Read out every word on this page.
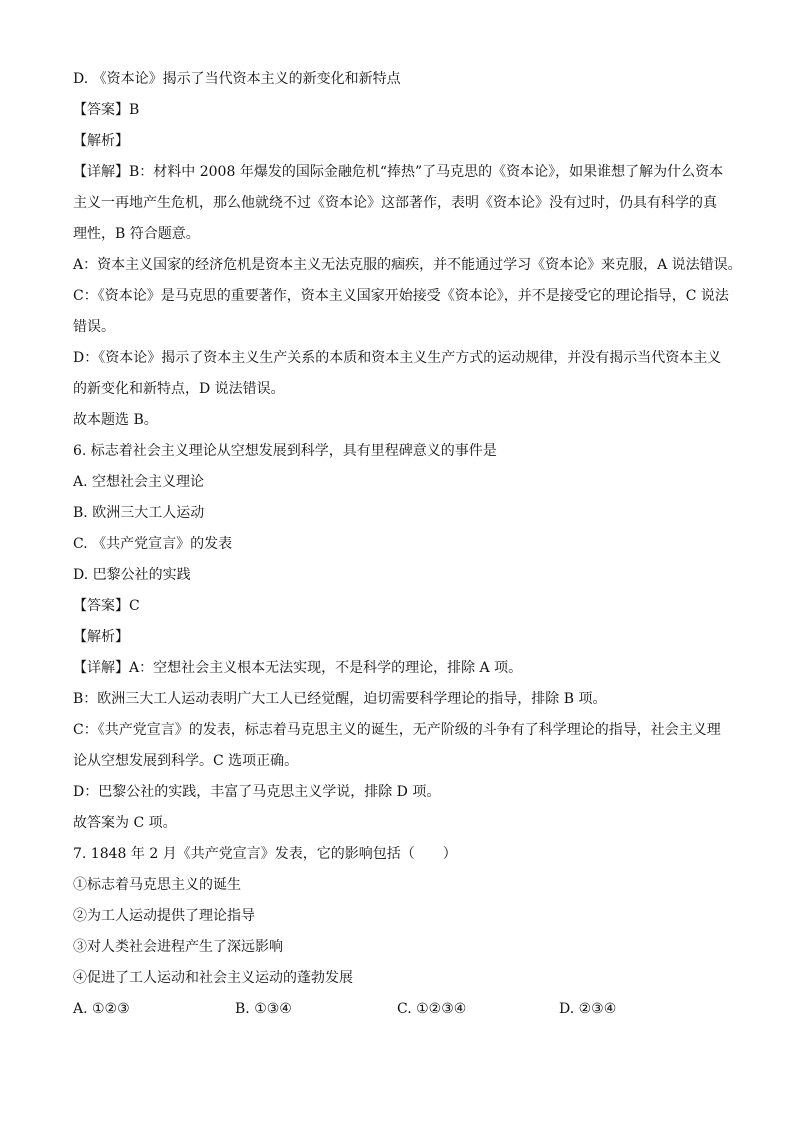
D. 《资本论》揭示了当代资本主义的新变化和新特点
【答案】B
【解析】
【详解】B：材料中 2008 年爆发的国际金融危机“捧热”了马克思的《资本论》，如果谁想了解为什么资本
主义一再地产生危机，那么他就绕不过《资本论》这部著作，表明《资本论》没有过时，仍具有科学的真
理性，B 符合题意。
A：资本主义国家的经济危机是资本主义无法克服的痼疾，并不能通过学习《资本论》来克服，A 说法错误。
C：《资本论》是马克思的重要著作，资本主义国家开始接受《资本论》，并不是接受它的理论指导，C 说法
错误。
D：《资本论》揭示了资本主义生产关系的本质和资本主义生产方式的运动规律，并没有揭示当代资本主义
的新变化和新特点，D 说法错误。
故本题选 B。
6. 标志着社会主义理论从空想发展到科学，具有里程碑意义的事件是
A. 空想社会主义理论
B. 欧洲三大工人运动
C. 《共产党宣言》的发表
D. 巴黎公社的实践
【答案】C
【解析】
【详解】A：空想社会主义根本无法实现，不是科学的理论，排除 A 项。
B：欧洲三大工人运动表明广大工人已经觉醒，迫切需要科学理论的指导，排除 B 项。
C：《共产党宣言》的发表，标志着马克思主义的诞生，无产阶级的斗争有了科学理论的指导，社会主义理
论从空想发展到科学。C 选项正确。
D：巴黎公社的实践，丰富了马克思主义学说，排除 D 项。
故答案为 C 项。
7. 1848 年 2 月《共产党宣言》发表，它的影响包括（　　）
①标志着马克思主义的诞生
②为工人运动提供了理论指导
③对人类社会进程产生了深远影响
④促进了工人运动和社会主义运动的蓬勃发展
A. ①②③	B. ①③④	C. ①②③④	D. ②③④
